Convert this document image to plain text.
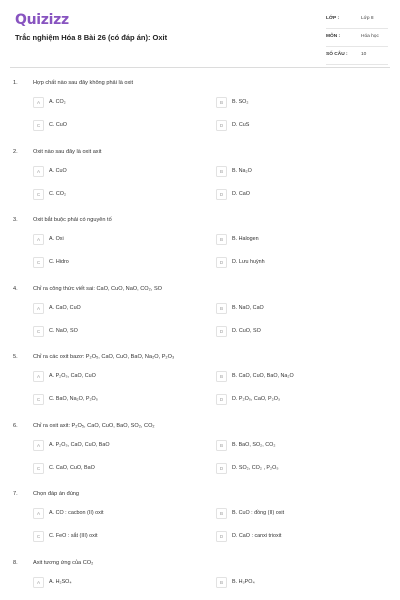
Quizizz
Trắc nghiệm Hóa 8 Bài 26 (có đáp án): Oxit
LỚP :	Lớp 8
MÔN :	Hóa học
SỐ CÂU :	10
1.	Hợp chất nào sau đây không phải là oxit
A	A. CO₂	B	B. SO₂
C	C. CuO	D	D. CuS
2.	Oxit nào sau đây là oxit axit
A	A. CuO	B	B. Na₂O
C	C. CO₂	D	D. CaO
3.	Oxit bắt buộc phải có nguyên tố
A	A. Oxi	B	B. Halogen
C	C. Hidro	D	D. Lưu huỳnh
4.	Chỉ ra công thức viết sai: CaO, CuO, NaO, CO₂, SO
A	A. CaO, CuO	B	B. NaO, CaO
C	C. NaO, SO	D	D. CuO, SO
5.	Chỉ ra các oxit bazơ: P₂O₅, CaO, CuO, BaO, Na₂O, P₂O₃
A	A. P₂O₅, CaO, CuO	B	B. CaO, CuO, BaO, Na₂O
C	C. BaO, Na₂O, P₂O₅	D	D. P₂O₅, CaO, P₂O₃
6.	Chỉ ra oxit axit: P₂O₅, CaO, CuO, BaO, SO₂, CO₂
A	A. P₂O₅, CaO, CuO, BaO	B	B. BaO, SO₂, CO₂
C	C. CaO, CuO, BaO	D	D. SO₂, CO₂ , P₂O₅
7.	Chọn đáp án đúng
A	A. CO : cacbon (II) oxit	B	B. CuO : đồng (II) oxit
C	C. FeO : sắt (III) oxit	D	D. CaO : canxi trioxit
8.	Axit tương ứng của CO₂
A	A. H₂SO₄	B	B. H₃PO₄
